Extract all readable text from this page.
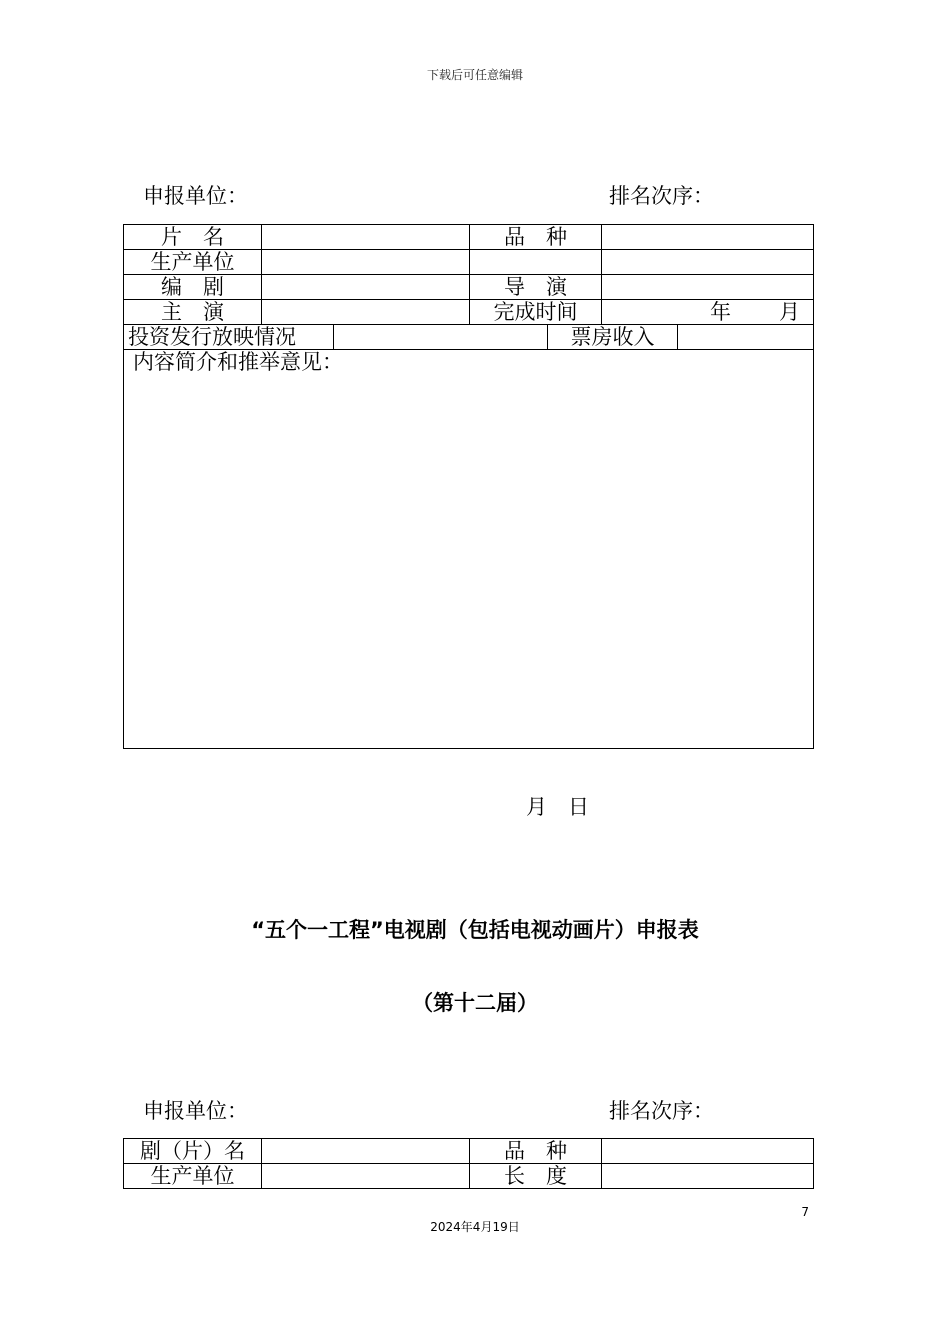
下载后可任意编辑
申报单位：	排名次序：
片　名			品　种			
生产单位						
编　剧			导　演			
主　演			完成时间		年 月	
投资发行放映情况				票房收入		
内容简介和推举意见：						
月　日
“五个一工程”电视剧（包括电视动画片）申报表
（第十二届）
申报单位：	排名次序：
剧（片）名		品　种	
生产单位		长　度	
7
2024年4月19日
